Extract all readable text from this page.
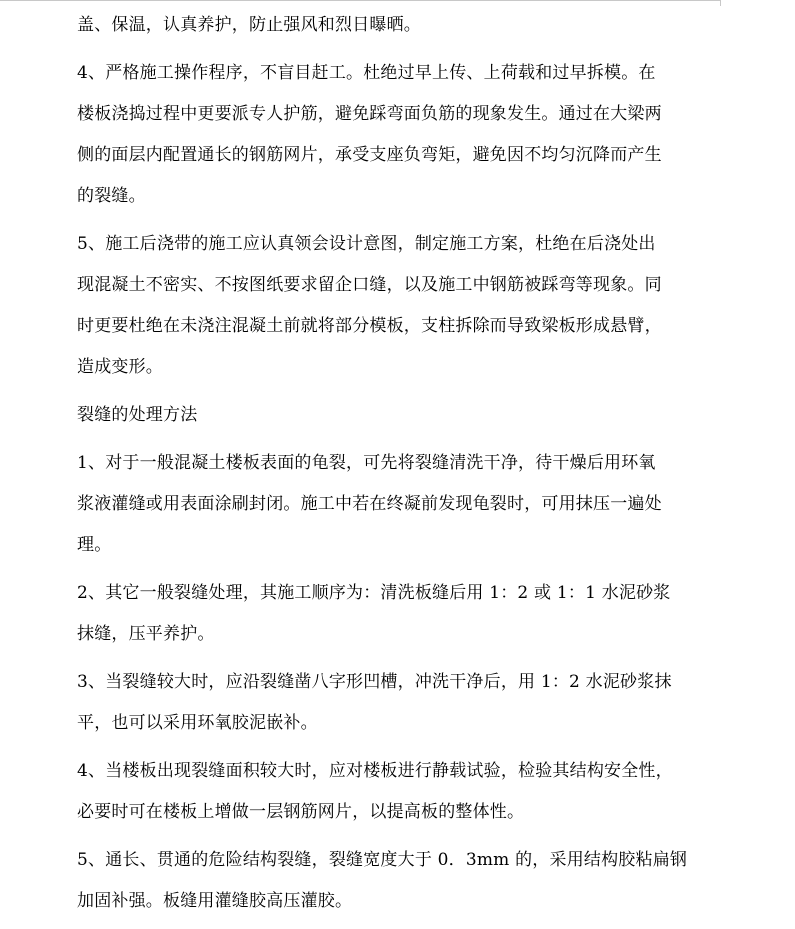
盖、保温，认真养护，防止强风和烈日曝晒。

4、严格施工操作程序，不盲目赶工。杜绝过早上传、上荷载和过早拆模。在
楼板浇捣过程中更要派专人护筋，避免踩弯面负筋的现象发生。通过在大梁两
侧的面层内配置通长的钢筋网片，承受支座负弯矩，避免因不均匀沉降而产生
的裂缝。

5、施工后浇带的施工应认真领会设计意图，制定施工方案，杜绝在后浇处出
现混凝土不密实、不按图纸要求留企口缝，以及施工中钢筋被踩弯等现象。同
时更要杜绝在未浇注混凝土前就将部分模板，支柱拆除而导致梁板形成悬臂，
造成变形。

裂缝的处理方法

1、对于一般混凝土楼板表面的龟裂，可先将裂缝清洗干净，待干燥后用环氧
浆液灌缝或用表面涂刷封闭。施工中若在终凝前发现龟裂时，可用抹压一遍处
理。

2、其它一般裂缝处理，其施工顺序为：清洗板缝后用 1：2 或 1：1 水泥砂浆
抹缝，压平养护。

3、当裂缝较大时，应沿裂缝凿八字形凹槽，冲洗干净后，用 1：2 水泥砂浆抹
平，也可以采用环氧胶泥嵌补。

4、当楼板出现裂缝面积较大时，应对楼板进行静载试验，检验其结构安全性，
必要时可在楼板上增做一层钢筋网片，以提高板的整体性。

5、通长、贯通的危险结构裂缝，裂缝宽度大于 0．3mm 的，采用结构胶粘扁钢
加固补强。板缝用灌缝胶高压灌胶。
